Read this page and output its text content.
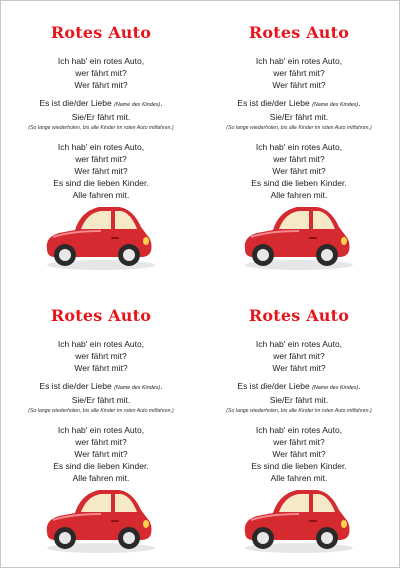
Rotes Auto
Ich hab' ein rotes Auto,
wer fährt mit?
Wer fährt mit?
Es ist die/der Liebe (Name des Kindes).
Sie/Er fährt mit.
(So lange wiederholen, bis alle Kinder im roten Auto mitfahren.)
Ich hab' ein rotes Auto,
wer fährt mit?
Wer fährt mit?
Es sind die lieben Kinder.
Alle fahren mit.
Rotes Auto
Ich hab' ein rotes Auto,
wer fährt mit?
Wer fährt mit?
Es ist die/der Liebe (Name des Kindes).
Sie/Er fährt mit.
(So lange wiederholen, bis alle Kinder im roten Auto mitfahren.)
Ich hab' ein rotes Auto,
wer fährt mit?
Wer fährt mit?
Es sind die lieben Kinder.
Alle fahren mit.
Rotes Auto
Ich hab' ein rotes Auto,
wer fährt mit?
Wer fährt mit?
Es ist die/der Liebe (Name des Kindes).
Sie/Er fährt mit.
(So lange wiederholen, bis alle Kinder im roten Auto mitfahren.)
Ich hab' ein rotes Auto,
wer fährt mit?
Wer fährt mit?
Es sind die lieben Kinder.
Alle fahren mit.
Rotes Auto
Ich hab' ein rotes Auto,
wer fährt mit?
Wer fährt mit?
Es ist die/der Liebe (Name des Kindes).
Sie/Er fährt mit.
(So lange wiederholen, bis alle Kinder im roten Auto mitfahren.)
Ich hab' ein rotes Auto,
wer fährt mit?
Wer fährt mit?
Es sind die lieben Kinder.
Alle fahren mit.
